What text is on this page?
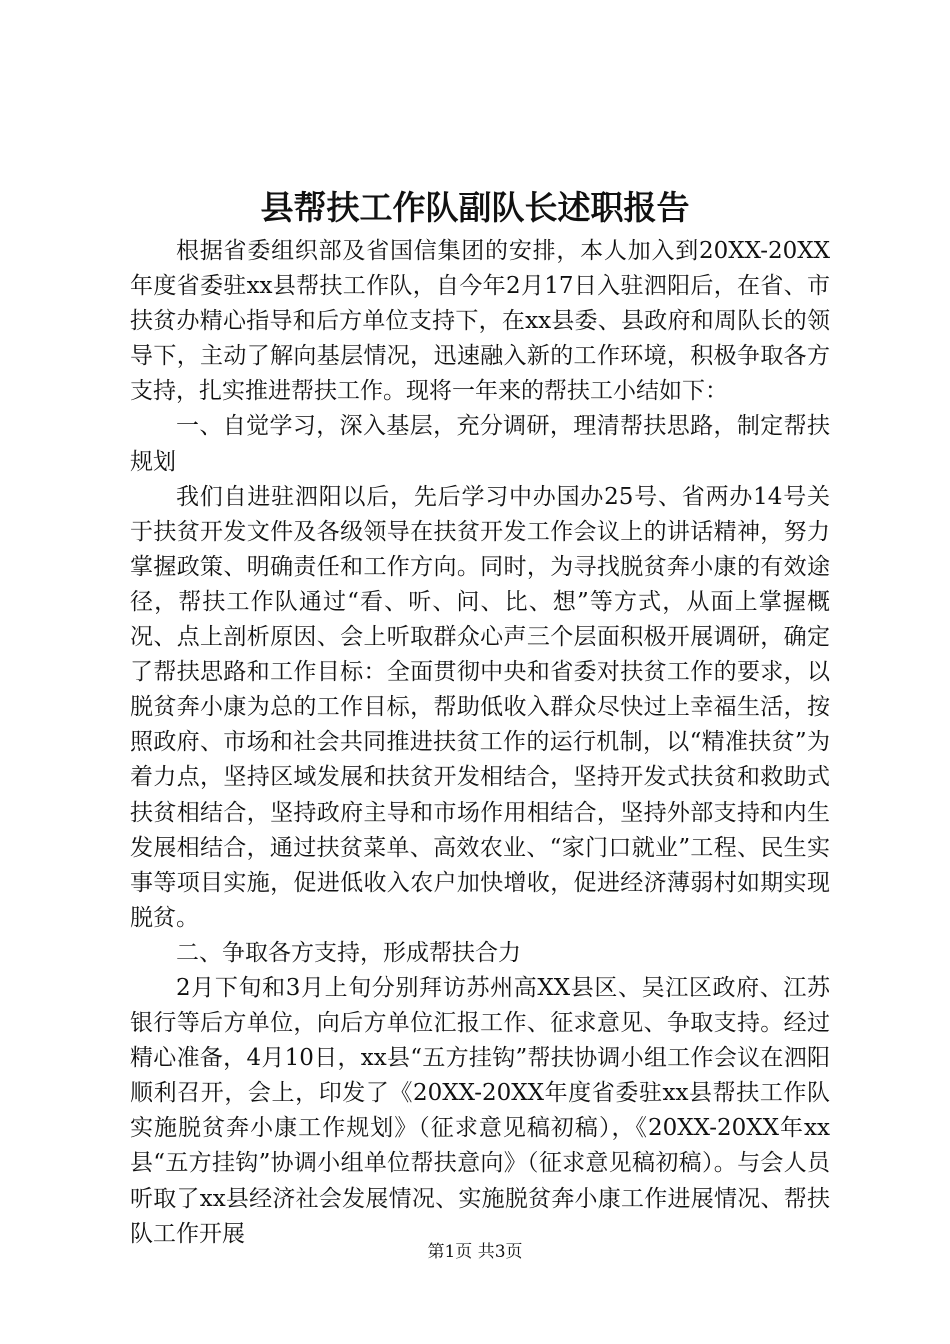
县帮扶工作队副队长述职报告

根据省委组织部及省国信集团的安排，本人加入到20XX-20XX年度省委驻xx县帮扶工作队，自今年2月17日入驻泗阳后，在省、市扶贫办精心指导和后方单位支持下，在xx县委、县政府和周队长的领导下，主动了解向基层情况，迅速融入新的工作环境，积极争取各方支持，扎实推进帮扶工作。现将一年来的帮扶工小结如下：

一、自觉学习，深入基层，充分调研，理清帮扶思路，制定帮扶规划

我们自进驻泗阳以后，先后学习中办国办25号、省两办14号关于扶贫开发文件及各级领导在扶贫开发工作会议上的讲话精神，努力掌握政策、明确责任和工作方向。同时，为寻找脱贫奔小康的有效途径，帮扶工作队通过“看、听、问、比、想”等方式，从面上掌握概况、点上剖析原因、会上听取群众心声三个层面积极开展调研，确定了帮扶思路和工作目标：全面贯彻中央和省委对扶贫工作的要求，以脱贫奔小康为总的工作目标，帮助低收入群众尽快过上幸福生活，按照政府、市场和社会共同推进扶贫工作的运行机制，以“精准扶贫”为着力点，坚持区域发展和扶贫开发相结合，坚持开发式扶贫和救助式扶贫相结合，坚持政府主导和市场作用相结合，坚持外部支持和内生发展相结合，通过扶贫菜单、高效农业、“家门口就业”工程、民生实事等项目实施，促进低收入农户加快增收，促进经济薄弱村如期实现脱贫。

二、争取各方支持，形成帮扶合力

2月下旬和3月上旬分别拜访苏州高XX县区、吴江区政府、江苏银行等后方单位，向后方单位汇报工作、征求意见、争取支持。经过精心准备，4月10日，xx县“五方挂钩”帮扶协调小组工作会议在泗阳顺利召开，会上，印发了《20XX-20XX年度省委驻xx县帮扶工作队实施脱贫奔小康工作规划》（征求意见稿初稿），《20XX-20XX年xx县“五方挂钩”协调小组单位帮扶意向》（征求意见稿初稿）。与会人员听取了xx县经济社会发展情况、实施脱贫奔小康工作进展情况、帮扶队工作开展

第1页 共3页
